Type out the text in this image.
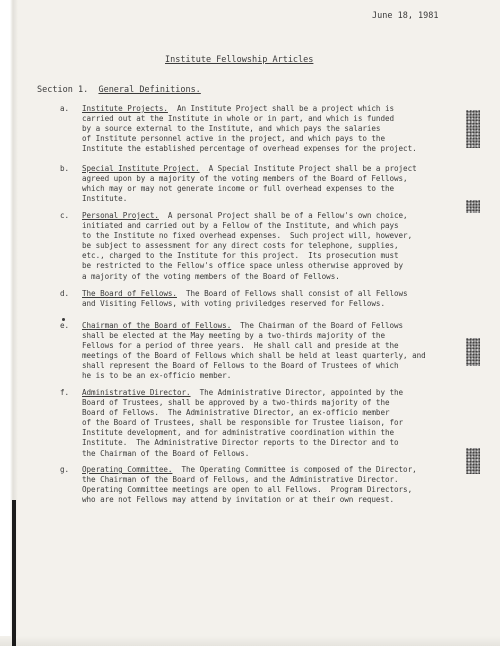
June 18, 1981
Institute Fellowship Articles
Section 1. General Definitions.
a. Institute Projects.  An Institute Project shall be a project which is
carried out at the Institute in whole or in part, and which is funded
by a source external to the Institute, and which pays the salaries
of Institute personnel active in the project, and which pays to the
Institute the established percentage of overhead expenses for the project.
b. Special Institute Project.  A Special Institute Project shall be a project
agreed upon by a majority of the voting members of the Board of Fellows,
which may or may not generate income or full overhead expenses to the
Institute.
c. Personal Project.  A personal Project shall be of a Fellow's own choice,
initiated and carried out by a Fellow of the Institute, and which pays
to the Institute no fixed overhead expenses.  Such project will, however,
be subject to assessment for any direct costs for telephone, supplies,
etc., charged to the Institute for this project.  Its prosecution must
be restricted to the Fellow's office space unless otherwise approved by
a majority of the voting members of the Board of Fellows.
d. The Board of Fellows.  The Board of Fellows shall consist of all Fellows
and Visiting Fellows, with voting priviledges reserved for Fellows.
e. Chairman of the Board of Fellows.  The Chairman of the Board of Fellows
shall be elected at the May meeting by a two-thirds majority of the
Fellows for a period of three years.  He shall call and preside at the
meetings of the Board of Fellows which shall be held at least quarterly, and
shall represent the Board of Fellows to the Board of Trustees of which
he is to be an ex-officio member.
f. Administrative Director.  The Administrative Director, appointed by the
Board of Trustees, shall be approved by a two-thirds majority of the
Board of Fellows.  The Administrative Director, an ex-officio member
of the Board of Trustees, shall be responsible for Trustee liaison, for
Institute development, and for administrative coordination within the
Institute.  The Administrative Director reports to the Director and to
the Chairman of the Board of Fellows.
g. Operating Committee.  The Operating Committee is composed of the Director,
the Chairman of the Board of Fellows, and the Administrative Director.
Operating Committee meetings are open to all Fellows.  Program Directors,
who are not Fellows may attend by invitation or at their own request.
